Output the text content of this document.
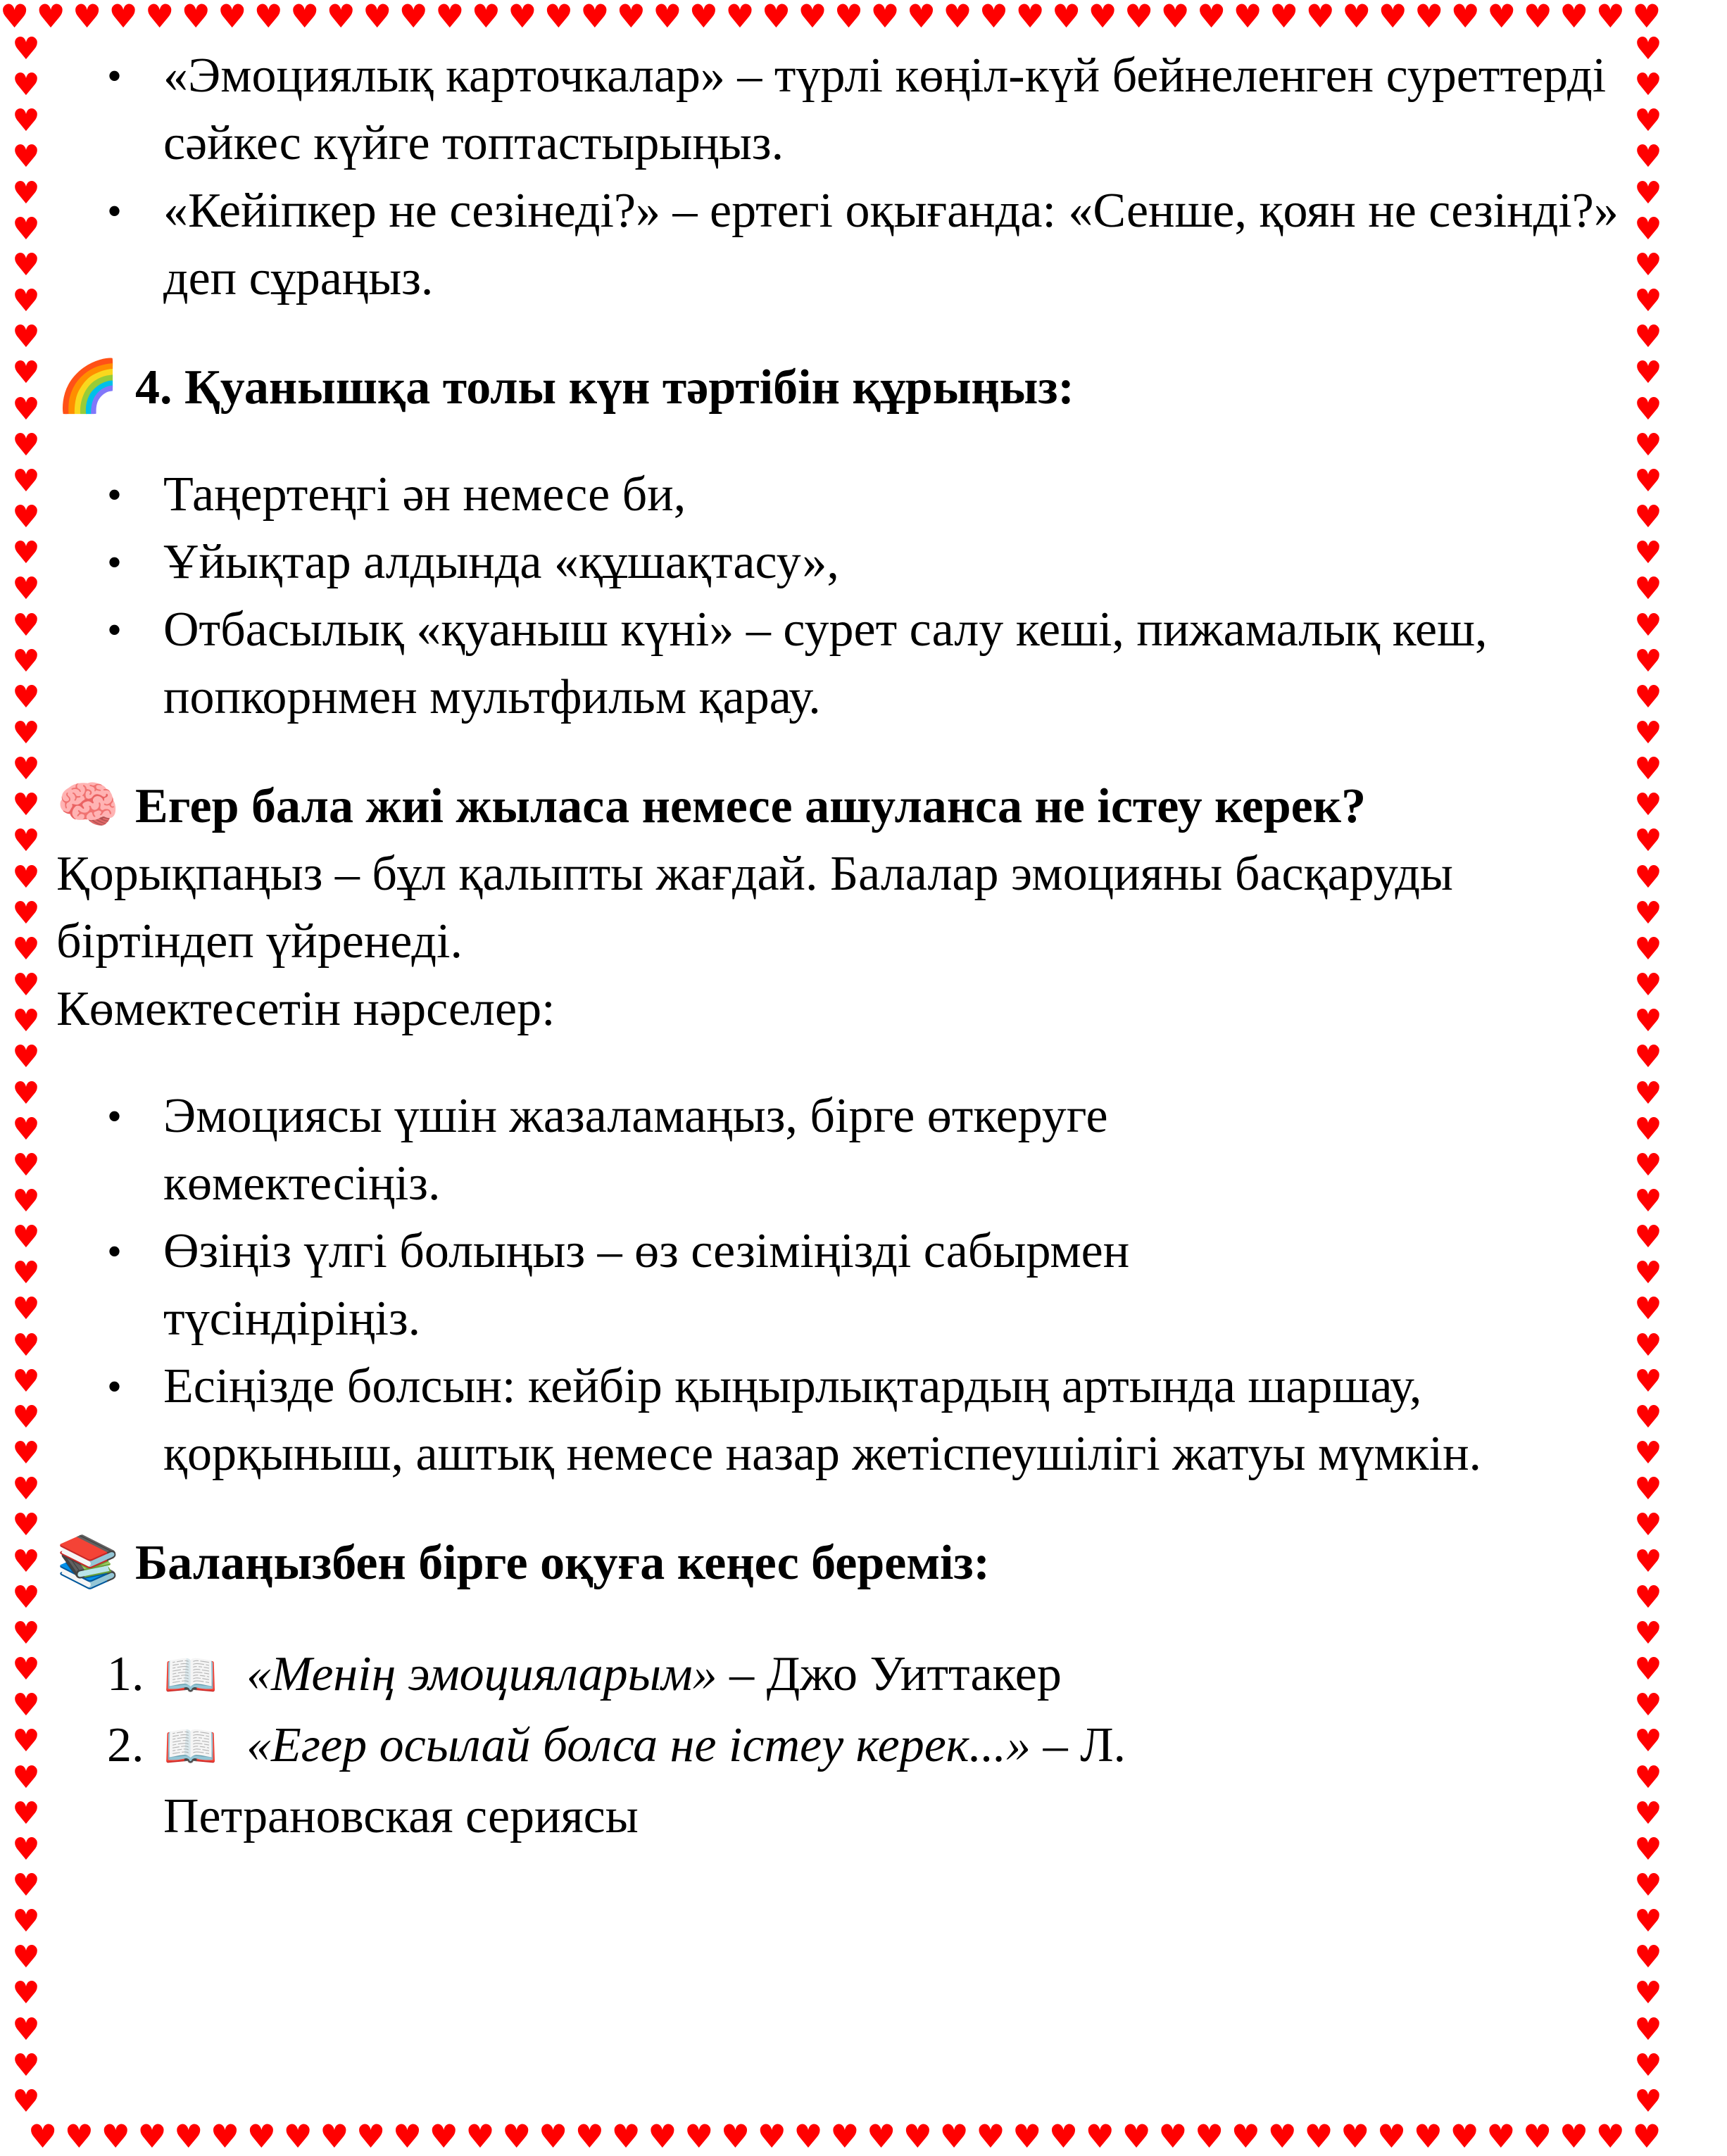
♥ ♥ ♥ ♥ ♥ ♥ ♥ ♥ ♥ ♥ ♥ ♥ ♥ ♥ ♥ ♥ ♥ ♥ ♥ ♥ ♥ ♥ ♥ ♥ ♥ ♥ ♥ ♥ ♥ ♥ ♥ ♥ ♥ ♥ ♥ ♥ ♥ ♥ ♥ ♥ ♥ ♥ ♥ ♥ ♥ ♥
♥
♥
♥
♥
♥
♥
♥
♥
♥
♥
♥
♥
♥
♥
♥
♥
♥
♥
♥
♥
♥
♥
♥
♥
♥
♥
♥
♥
♥
♥
♥
♥
♥
♥
♥
♥
♥
♥
♥
♥
♥
♥
♥
♥
♥
♥
♥
♥
♥
♥
♥
♥
♥
♥
♥
♥
♥
♥
♥
♥
♥
♥
♥
♥
♥
♥
♥
♥
♥
♥
♥
♥
♥
♥
♥
♥
♥
♥
♥
♥
♥
♥
♥
♥
♥
♥
♥
♥
♥
♥
♥
♥
♥
♥
♥
♥
♥
♥
♥
♥
♥
♥
♥
♥
♥
♥
♥
♥
♥
♥
♥
♥
♥
♥
♥
♥
♥ ♥ ♥ ♥ ♥ ♥ ♥ ♥ ♥ ♥ ♥ ♥ ♥ ♥ ♥ ♥ ♥ ♥ ♥ ♥ ♥ ♥ ♥ ♥ ♥ ♥ ♥ ♥ ♥ ♥ ♥ ♥ ♥ ♥ ♥ ♥ ♥ ♥ ♥ ♥ ♥ ♥ ♥ ♥ ♥
• «Эмоциялық карточкалар» – түрлі көңіл-күй бейнеленген суреттерді сәйкес күйге топтастырыңыз.
• «Кейіпкер не сезінеді?» – ертегі оқығанда: «Сенше, қоян не сезінді?» деп сұраңыз.
🌈 4. Қуанышқа толы күн тәртібін құрыңыз:
• Таңертеңгі ән немесе би,
• Ұйықтар алдында «құшақтасу»,
• Отбасылық «қуаныш күні» – сурет салу кеші, пижамалық кеш, попкорнмен мультфильм қарау.
🧠 Егер бала жиі жыласа немесе ашуланса не істеу керек?

Қорықпаңыз – бұл қалыпты жағдай. Балалар эмоцияны басқаруды біртіндеп үйренеді.

Көмектесетін нәрселер:

• Эмоциясы үшін жазаламаңыз, бірге өткеруге көмектесіңіз.
• Өзіңіз үлгі болыңыз – өз сезіміңізді сабырмен түсіндіріңіз.
• Есіңізде болсын: кейбір қыңырлықтардың артында шаршау, қорқыныш, аштық немесе назар жетіспеушілігі жатуы мүмкін.
📚 Балаңызбен бірге оқуға кеңес береміз:
1. 📖 «Менің эмоцияларым» – Джо Уиттакер
2. 📖 «Егер осылай болса не істеу керек...» – Л. Петрановская сериясы
